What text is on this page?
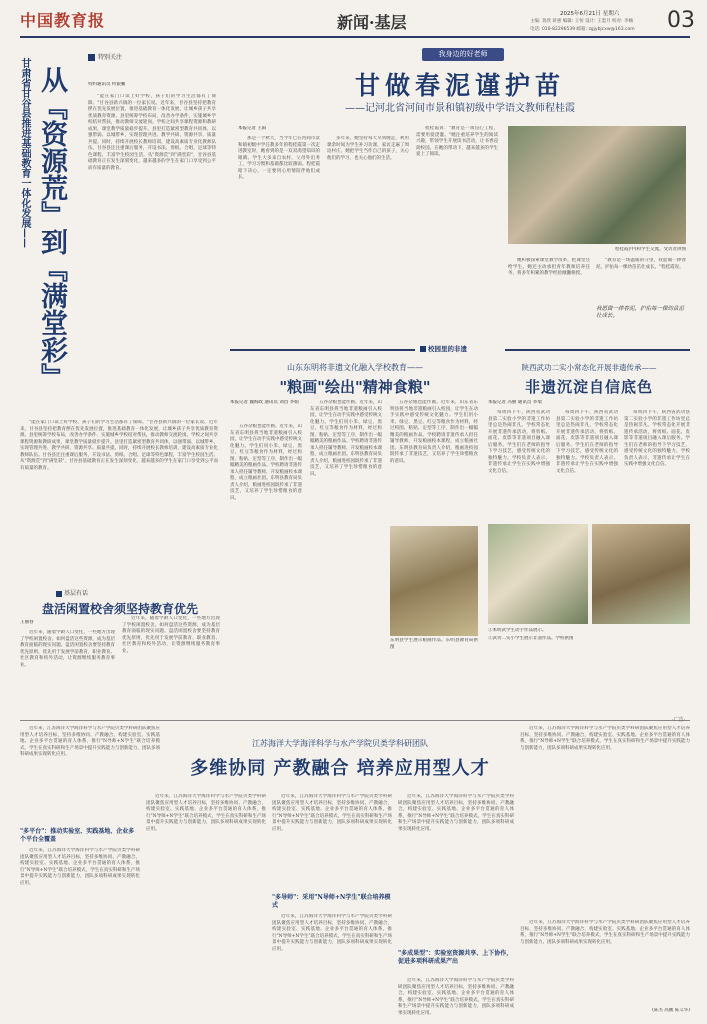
中国教育报	新闻·基层	2025年6月21日 星期六
主编: 蒋欣 蒋惠 编辑: 王恒 设计: 王墨月 校对: 李楠
电话: 010-82296539 邮箱: zgjybjcxw@163.com 03
特别关注
甘肃省甘谷县推进基础教育一体化发展—— 从『资源荒』到『满堂彩』	特约通讯员 何银鹏
"能在家门口读上好学校，孩子们的学习生活都有了保障。"甘谷县新兴镇的一位家长说。近年来，甘谷县坚持把教育摆在优先发展位置，推进基础教育一体化发展，让城乡孩子共享优质教育资源。县里统筹学校布局，改善办学条件，实施城乡学校结对帮扶，推动教师交流轮岗。学校之间共享课程资源和教研成果，课堂教学质量稳步提升。县里打造紧密型教育共同体，以强带弱、以城带乡，实现管理共进、教学共研、资源共享、质量共提。同时，持续开展校长教师培训，建设高素质专业化教师队伍。甘谷县还注重课后服务，开设书法、剪纸、合唱、足球等特色课程，丰富学生校园生活。从"资源荒"到"满堂彩"，甘谷县基础教育正在发生深刻变化，越来越多的学生在家门口享受到公平而有质量的教育。
"能在家门口读上好学校，孩子们的学习生活都有了保障。"甘谷县新兴镇的一位家长说。近年来，甘谷县坚持把教育摆在优先发展位置，推进基础教育一体化发展，让城乡孩子共享优质教育资源。县里统筹学校布局，改善办学条件，实施城乡学校结对帮扶，推动教师交流轮岗。学校之间共享课程资源和教研成果，课堂教学质量稳步提升。县里打造紧密型教育共同体，以强带弱、以城带乡，实现管理共进、教学共研、资源共享、质量共提。同时，持续开展校长教师培训，建设高素质专业化教师队伍。甘谷县还注重课后服务，开设书法、剪纸、合唱、足球等特色课程，丰富学生校园生活。从"资源荒"到"满堂彩"，甘谷县基础教育正在发生深刻变化，越来越多的学生在家门口享受到公平而有质量的教育。
我身边的好老师
甘做春泥谨护苗
——记河北省河间市景和镇初级中学语文教师程桂霞
本报记者 王阳
那是一个秋天，当今年已在河间市景和镇初级中学任教多年的程桂霞第一次走进教室时，她看到的是一双双渴望知识的眼睛。学生大多来自农村，父母外出务工，学习习惯和基础都比较薄弱。程桂霞暗下决心，一定要用心用情陪伴他们成长。
多年来，她坚持每天早到晚走，利用课余时间为学生补习功课，家访走遍了周边村庄。她把学生当作自己的孩子，关心他们的学习，也关心他们的生活。
程桂霞说："教育是一项良心工程，需要用爱浇灌。"她注重培养学生的阅读兴趣，带领学生开展读书活动，让书香浸润校园。在她的带动下，越来越多的学生爱上了阅读。
程桂霞(中)和学生交流。受访者供图
她积极探索课堂教学改革，把课堂还给学生。她还主动承担青年教师培养任务，将多年积累的教学经验倾囊相授。
"教育是一场温暖的守望，我愿做一捧春泥，护佑每一棵幼苗茁壮成长。"程桂霞说。
我愿做一捧春泥，护佑每一棵幼苗茁壮成长。
校园里的非遗
山东东明将非遗文化融入学校教育——
"粮画"绘出"精神食粮"
本报记者 魏海政 通讯员 刘昌 李娟
五谷杂粮也能作画。近年来，山东省东明县将当地非遗粮画引入校园，让学生在动手实践中感受传统文化魅力。学生们用小米、绿豆、黑豆、红豆等粮食作为材料，经过构图、粘贴、定型等工序，制作出一幅幅精美的粮画作品。学校聘请非遗传承人担任辅导教师，开发粮画校本课程，成立粮画社团。东明县教育局负责人介绍，粮画进校园既传承了非遗技艺，又培养了学生珍惜粮食的意识。
五谷杂粮也能作画。近年来，山东省东明县将当地非遗粮画引入校园，让学生在动手实践中感受传统文化魅力。学生们用小米、绿豆、黑豆、红豆等粮食作为材料，经过构图、粘贴、定型等工序，制作出一幅幅精美的粮画作品。学校聘请非遗传承人担任辅导教师，开发粮画校本课程，成立粮画社团。东明县教育局负责人介绍，粮画进校园既传承了非遗技艺，又培养了学生珍惜粮食的意识。
五谷杂粮也能作画。近年来，山东省东明县将当地非遗粮画引入校园，让学生在动手实践中感受传统文化魅力。学生们用小米、绿豆、黑豆、红豆等粮食作为材料，经过构图、粘贴、定型等工序，制作出一幅幅精美的粮画作品。学校聘请非遗传承人担任辅导教师，开发粮画校本课程，成立粮画社团。东明县教育局负责人介绍，粮画进校园既传承了非遗技艺，又培养了学生珍惜粮食的意识。
东明县学生展示粮画作品。东明县教育局供图
陕西武功二实小常态化开展非遗传承——
非遗沉淀自信底色
本报记者 冯丽 通讯员 李瑞
每周四下午，陕西省武功县第二实验小学的非遗工作坊里总是热闹非凡。学校常态化开展非遗传承活动，将剪纸、面花、皮影等非遗项目融入课后服务。学生们在老师的指导下学习技艺，感受传统文化的独特魅力。学校负责人表示，非遗传承让学生在实践中增强文化自信。
每周四下午，陕西省武功县第二实验小学的非遗工作坊里总是热闹非凡。学校常态化开展非遗传承活动，将剪纸、面花、皮影等非遗项目融入课后服务。学生们在老师的指导下学习技艺，感受传统文化的独特魅力。学校负责人表示，非遗传承让学生在实践中增强文化自信。
每周四下午，陕西省武功县第二实验小学的非遗工作坊里总是热闹非凡。学校常态化开展非遗传承活动，将剪纸、面花、皮影等非遗项目融入课后服务。学生们在老师的指导下学习技艺，感受传统文化的独特魅力。学校负责人表示，非遗传承让学生在实践中增强文化自信。
①本明武学生动手作品展示。
②武功二实小学生展示非遗作品。学校供图
基层有话
盘活闲置校舍须坚持教育优先
王丽春
近年来，随着学龄人口变化，一些地方出现了学校闲置校舍。如何盘活这些资源，成为基层教育面临的现实问题。盘活闲置校舍要坚持教育优先原则，优先用于发展学前教育、职业教育、社区教育和校外活动，让资源继续服务教育事业。
近年来，随着学龄人口变化，一些地方出现了学校闲置校舍。如何盘活这些资源，成为基层教育面临的现实问题。盘活闲置校舍要坚持教育优先原则，优先用于发展学前教育、职业教育、社区教育和校外活动，让资源继续服务教育事业。
·广告·
近年来，江苏海洋大学海洋科学与水产学院贝类学科研团队聚焦应用型人才培养目标，坚持多维协同、产教融合，构建实验室、实践基地、企业多平台贯通的育人体系，推行"N导师+N学生"联合培养模式，学生在真实科研和生产场景中提升实践能力与创新能力，团队多项科研成果实现转化应用。
江苏海洋大学海洋科学与水产学院贝类学科研团队
多维协同 产教融合 培养应用型人才
近年来，江苏海洋大学海洋科学与水产学院贝类学科研团队聚焦应用型人才培养目标，坚持多维协同、产教融合，构建实验室、实践基地、企业多平台贯通的育人体系，推行"N导师+N学生"联合培养模式，学生在真实科研和生产场景中提升实践能力与创新能力，团队多项科研成果实现转化应用。
"多平台"：推动实验室、实践基地、企业多个平台全覆盖
近年来，江苏海洋大学海洋科学与水产学院贝类学科研团队聚焦应用型人才培养目标，坚持多维协同、产教融合，构建实验室、实践基地、企业多平台贯通的育人体系，推行"N导师+N学生"联合培养模式，学生在真实科研和生产场景中提升实践能力与创新能力，团队多项科研成果实现转化应用。
近年来，江苏海洋大学海洋科学与水产学院贝类学科研团队聚焦应用型人才培养目标，坚持多维协同、产教融合，构建实验室、实践基地、企业多平台贯通的育人体系，推行"N导师+N学生"联合培养模式，学生在真实科研和生产场景中提升实践能力与创新能力，团队多项科研成果实现转化应用。
近年来，江苏海洋大学海洋科学与水产学院贝类学科研团队聚焦应用型人才培养目标，坚持多维协同、产教融合，构建实验室、实践基地、企业多平台贯通的育人体系，推行"N导师+N学生"联合培养模式，学生在真实科研和生产场景中提升实践能力与创新能力，团队多项科研成果实现转化应用。
"多导师"：采用"N导师+N学生"联合培养模式
近年来，江苏海洋大学海洋科学与水产学院贝类学科研团队聚焦应用型人才培养目标，坚持多维协同、产教融合，构建实验室、实践基地、企业多平台贯通的育人体系，推行"N导师+N学生"联合培养模式，学生在真实科研和生产场景中提升实践能力与创新能力，团队多项科研成果实现转化应用。
近年来，江苏海洋大学海洋科学与水产学院贝类学科研团队聚焦应用型人才培养目标，坚持多维协同、产教融合，构建实验室、实践基地、企业多平台贯通的育人体系，推行"N导师+N学生"联合培养模式，学生在真实科研和生产场景中提升实践能力与创新能力，团队多项科研成果实现转化应用。
"多成果型"：实验室资源共享、上下协作，促进多项科研成果产出
近年来，江苏海洋大学海洋科学与水产学院贝类学科研团队聚焦应用型人才培养目标，坚持多维协同、产教融合，构建实验室、实践基地、企业多平台贯通的育人体系，推行"N导师+N学生"联合培养模式，学生在真实科研和生产场景中提升实践能力与创新能力，团队多项科研成果实现转化应用。
近年来，江苏海洋大学海洋科学与水产学院贝类学科研团队聚焦应用型人才培养目标，坚持多维协同、产教融合，构建实验室、实践基地、企业多平台贯通的育人体系，推行"N导师+N学生"联合培养模式，学生在真实科研和生产场景中提升实践能力与创新能力，团队多项科研成果实现转化应用。
(陈杰 高鹏 陈义华)
